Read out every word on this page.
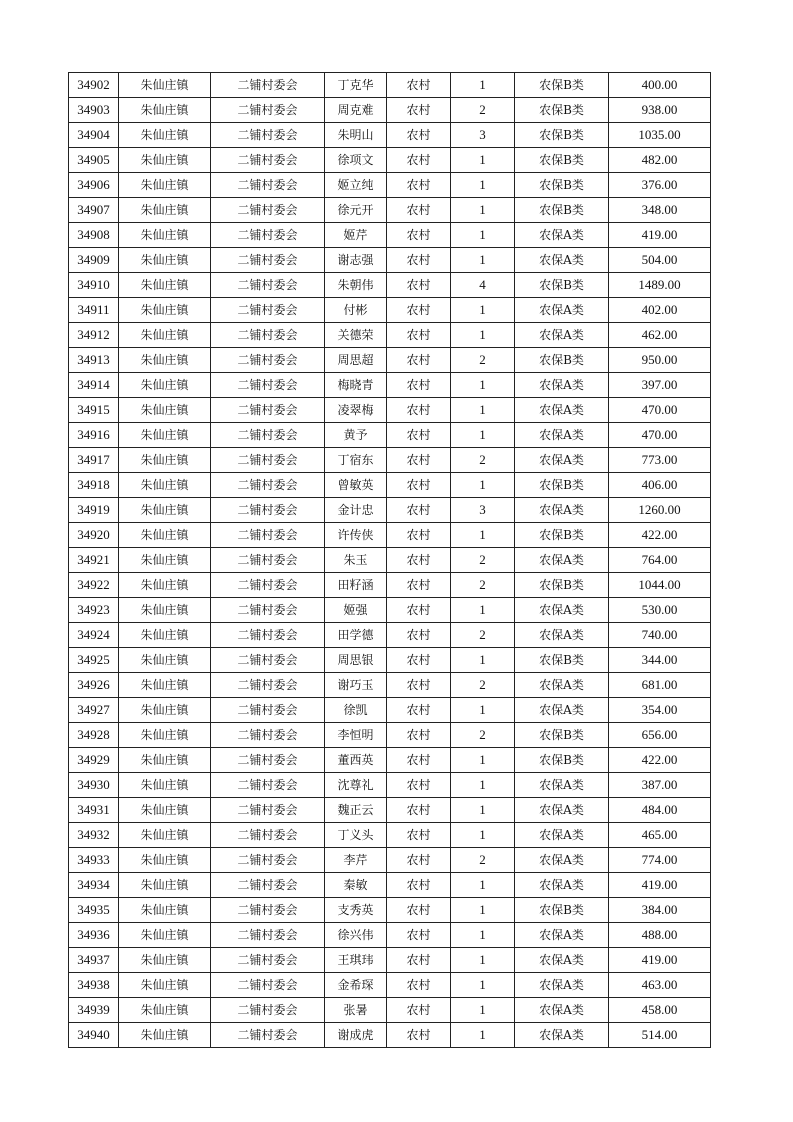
34902	朱仙庄镇	二铺村委会	丁克华	农村	1	农保B类	400.00
34903	朱仙庄镇	二铺村委会	周克难	农村	2	农保B类	938.00
34904	朱仙庄镇	二铺村委会	朱明山	农村	3	农保B类	1035.00
34905	朱仙庄镇	二铺村委会	徐项文	农村	1	农保B类	482.00
34906	朱仙庄镇	二铺村委会	姬立纯	农村	1	农保B类	376.00
34907	朱仙庄镇	二铺村委会	徐元开	农村	1	农保B类	348.00
34908	朱仙庄镇	二铺村委会	姬芹	农村	1	农保A类	419.00
34909	朱仙庄镇	二铺村委会	谢志强	农村	1	农保A类	504.00
34910	朱仙庄镇	二铺村委会	朱朝伟	农村	4	农保B类	1489.00
34911	朱仙庄镇	二铺村委会	付彬	农村	1	农保A类	402.00
34912	朱仙庄镇	二铺村委会	关德荣	农村	1	农保A类	462.00
34913	朱仙庄镇	二铺村委会	周思超	农村	2	农保B类	950.00
34914	朱仙庄镇	二铺村委会	梅晓青	农村	1	农保A类	397.00
34915	朱仙庄镇	二铺村委会	凌翠梅	农村	1	农保A类	470.00
34916	朱仙庄镇	二铺村委会	黄予	农村	1	农保A类	470.00
34917	朱仙庄镇	二铺村委会	丁宿东	农村	2	农保A类	773.00
34918	朱仙庄镇	二铺村委会	曾敏英	农村	1	农保B类	406.00
34919	朱仙庄镇	二铺村委会	金计忠	农村	3	农保A类	1260.00
34920	朱仙庄镇	二铺村委会	许传侠	农村	1	农保B类	422.00
34921	朱仙庄镇	二铺村委会	朱玉	农村	2	农保A类	764.00
34922	朱仙庄镇	二铺村委会	田籽涵	农村	2	农保B类	1044.00
34923	朱仙庄镇	二铺村委会	姬强	农村	1	农保A类	530.00
34924	朱仙庄镇	二铺村委会	田学德	农村	2	农保A类	740.00
34925	朱仙庄镇	二铺村委会	周思银	农村	1	农保B类	344.00
34926	朱仙庄镇	二铺村委会	谢巧玉	农村	2	农保A类	681.00
34927	朱仙庄镇	二铺村委会	徐凯	农村	1	农保A类	354.00
34928	朱仙庄镇	二铺村委会	李恒明	农村	2	农保B类	656.00
34929	朱仙庄镇	二铺村委会	董西英	农村	1	农保B类	422.00
34930	朱仙庄镇	二铺村委会	沈尊礼	农村	1	农保A类	387.00
34931	朱仙庄镇	二铺村委会	魏正云	农村	1	农保A类	484.00
34932	朱仙庄镇	二铺村委会	丁义头	农村	1	农保A类	465.00
34933	朱仙庄镇	二铺村委会	李芹	农村	2	农保A类	774.00
34934	朱仙庄镇	二铺村委会	秦敏	农村	1	农保A类	419.00
34935	朱仙庄镇	二铺村委会	支秀英	农村	1	农保B类	384.00
34936	朱仙庄镇	二铺村委会	徐兴伟	农村	1	农保A类	488.00
34937	朱仙庄镇	二铺村委会	王琪玮	农村	1	农保A类	419.00
34938	朱仙庄镇	二铺村委会	金希琛	农村	1	农保A类	463.00
34939	朱仙庄镇	二铺村委会	张暑	农村	1	农保A类	458.00
34940	朱仙庄镇	二铺村委会	谢成虎	农村	1	农保A类	514.00
